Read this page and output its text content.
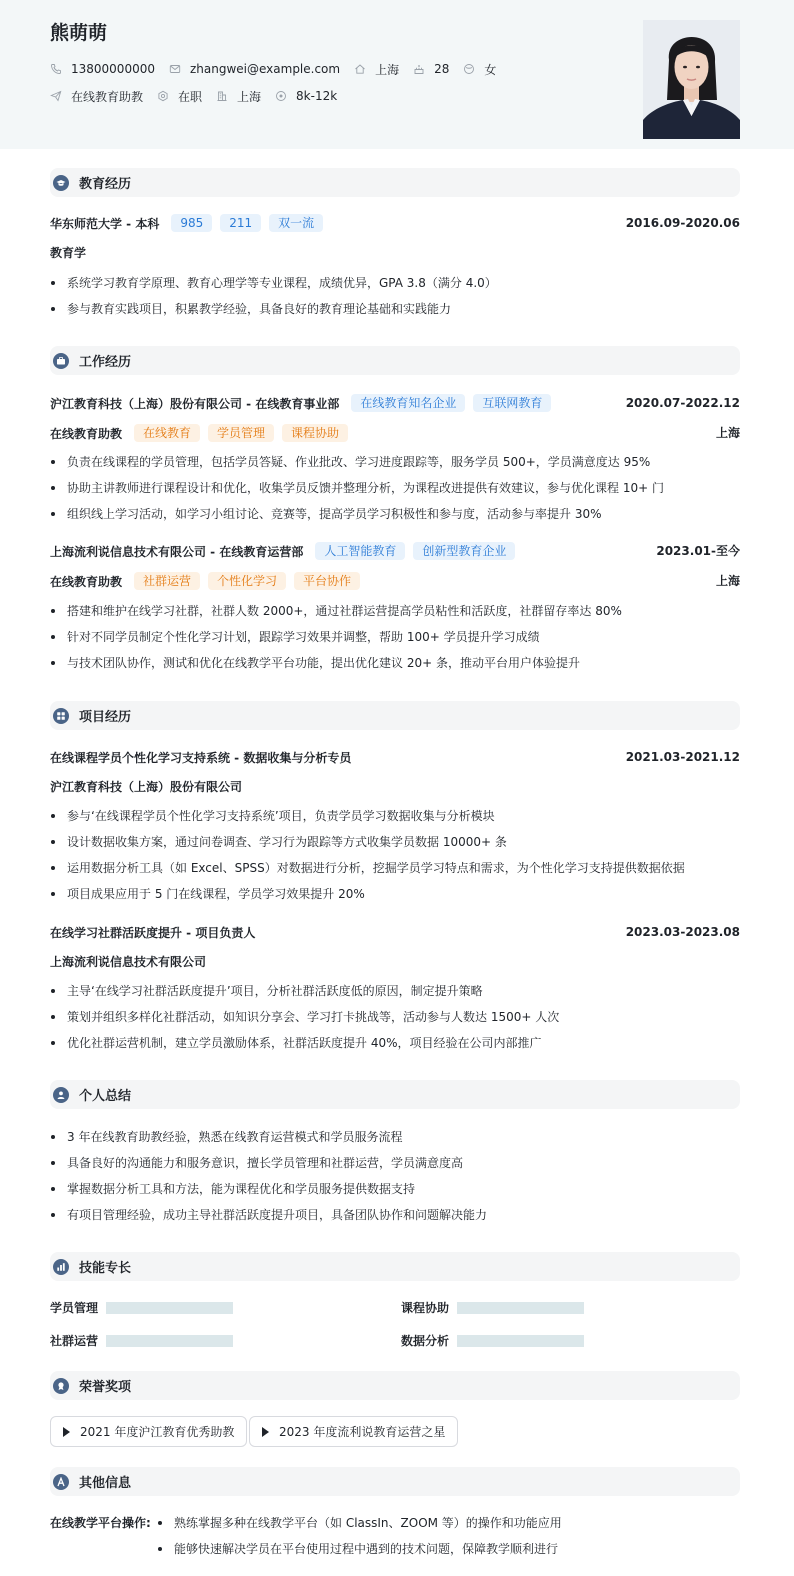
熊萌萌
13800000000	zhangwei@example.com	上海	28	女
在线教育助教	在职	上海	8k-12k
教育经历
华东师范大学 - 本科	985	211	双一流	2016.09-2020.06
教育学
系统学习教育学原理、教育心理学等专业课程，成绩优异，GPA 3.8（满分 4.0）
参与教育实践项目，积累教学经验，具备良好的教育理论基础和实践能力
工作经历
沪江教育科技（上海）股份有限公司 - 在线教育事业部	在线教育知名企业	互联网教育	2020.07-2022.12
在线教育助教	在线教育	学员管理	课程协助	上海
负责在线课程的学员管理，包括学员答疑、作业批改、学习进度跟踪等，服务学员 500+，学员满意度达 95%
协助主讲教师进行课程设计和优化，收集学员反馈并整理分析，为课程改进提供有效建议，参与优化课程 10+ 门
组织线上学习活动，如学习小组讨论、竞赛等，提高学员学习积极性和参与度，活动参与率提升 30%
上海流利说信息技术有限公司 - 在线教育运营部	人工智能教育	创新型教育企业	2023.01-至今
在线教育助教	社群运营	个性化学习	平台协作	上海
搭建和维护在线学习社群，社群人数 2000+，通过社群运营提高学员粘性和活跃度，社群留存率达 80%
针对不同学员制定个性化学习计划，跟踪学习效果并调整，帮助 100+ 学员提升学习成绩
与技术团队协作，测试和优化在线教学平台功能，提出优化建议 20+ 条，推动平台用户体验提升
项目经历
在线课程学员个性化学习支持系统 - 数据收集与分析专员	2021.03-2021.12
沪江教育科技（上海）股份有限公司
参与‘在线课程学员个性化学习支持系统’项目，负责学员学习数据收集与分析模块
设计数据收集方案，通过问卷调查、学习行为跟踪等方式收集学员数据 10000+ 条
运用数据分析工具（如 Excel、SPSS）对数据进行分析，挖掘学员学习特点和需求，为个性化学习支持提供数据依据
项目成果应用于 5 门在线课程，学员学习效果提升 20%
在线学习社群活跃度提升 - 项目负责人	2023.03-2023.08
上海流利说信息技术有限公司
主导‘在线学习社群活跃度提升’项目，分析社群活跃度低的原因，制定提升策略
策划并组织多样化社群活动，如知识分享会、学习打卡挑战等，活动参与人数达 1500+ 人次
优化社群运营机制，建立学员激励体系，社群活跃度提升 40%，项目经验在公司内部推广
个人总结
3 年在线教育助教经验，熟悉在线教育运营模式和学员服务流程
具备良好的沟通能力和服务意识，擅长学员管理和社群运营，学员满意度高
掌握数据分析工具和方法，能为课程优化和学员服务提供数据支持
有项目管理经验，成功主导社群活跃度提升项目，具备团队协作和问题解决能力
技能专长
学员管理	课程协助
社群运营	数据分析
荣誉奖项
2021 年度沪江教育优秀助教	2023 年度流利说教育运营之星
其他信息
在线教学平台操作:	熟练掌握多种在线教学平台（如 ClassIn、ZOOM 等）的操作和功能应用
能够快速解决学员在平台使用过程中遇到的技术问题，保障教学顺利进行
